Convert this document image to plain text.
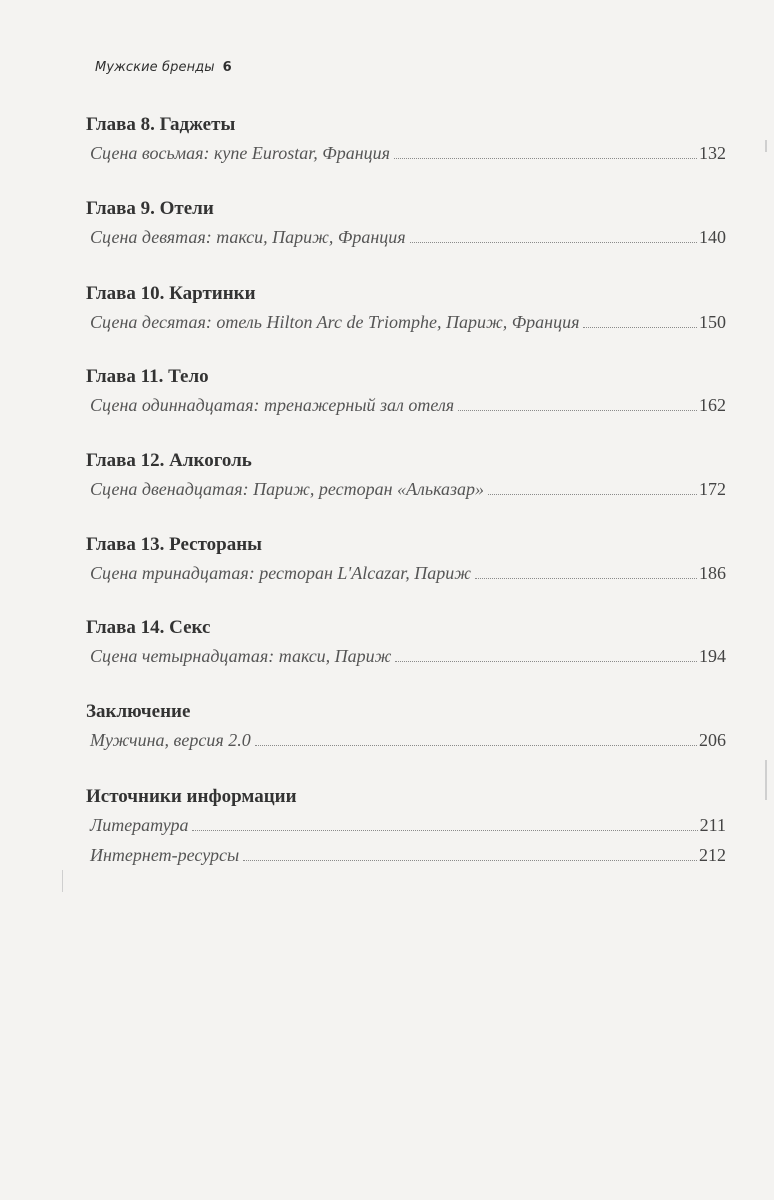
Мужские бренды 6
Глава 8. Гаджеты
Сцена восьмая: купе Eurostar, Франция	132
Глава 9. Отели
Сцена девятая: такси, Париж, Франция	140
Глава 10. Картинки
Сцена десятая: отель Hilton Arc de Triomphe, Париж, Франция	150
Глава 11. Тело
Сцена одиннадцатая: тренажерный зал отеля	162
Глава 12. Алкоголь
Сцена двенадцатая: Париж, ресторан «Альказар»	172
Глава 13. Рестораны
Сцена тринадцатая: ресторан L'Alcazar, Париж	186
Глава 14. Секс
Сцена четырнадцатая: такси, Париж	194
Заключение
Мужчина, версия 2.0	206
Источники информации
Литература	211
Интернет-ресурсы	212
